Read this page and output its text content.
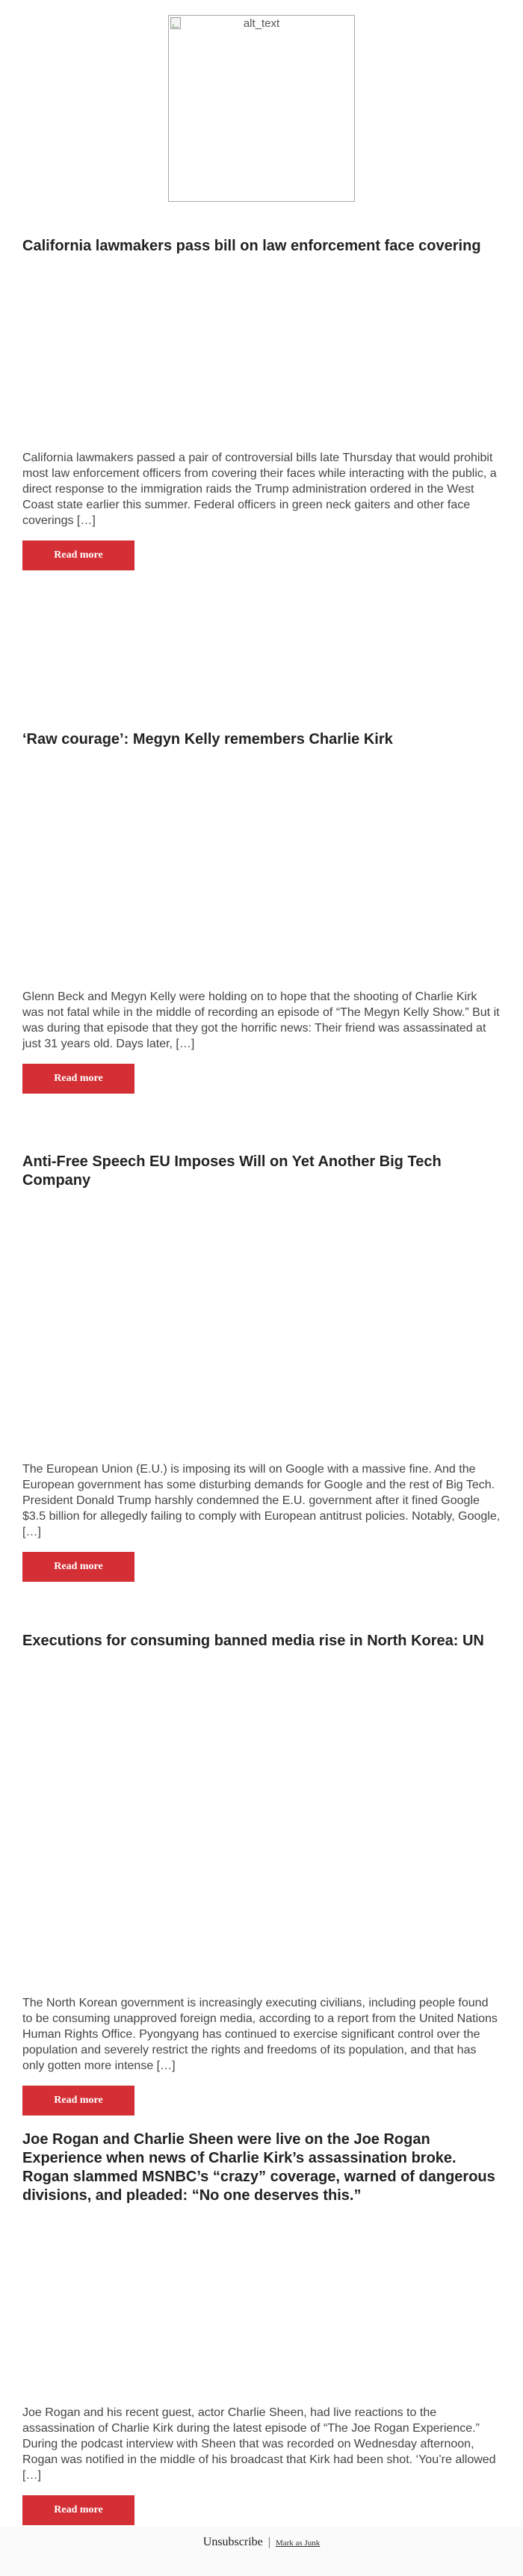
alt_text
California lawmakers pass bill on law enforcement face covering

California lawmakers passed a pair of controversial bills late Thursday that would prohibit most law enforcement officers from covering their faces while interacting with the public, a direct response to the immigration raids the Trump administration ordered in the West Coast state earlier this summer. Federal officers in green neck gaiters and other face coverings […]

Read more
‘Raw courage’: Megyn Kelly remembers Charlie Kirk

Glenn Beck and Megyn Kelly were holding on to hope that the shooting of Charlie Kirk was not fatal while in the middle of recording an episode of “The Megyn Kelly Show.” But it was during that episode that they got the horrific news: Their friend was assassinated at just 31 years old. Days later, […]

Read more
Anti-Free Speech EU Imposes Will on Yet Another Big Tech Company

The European Union (E.U.) is imposing its will on Google with a massive fine. And the European government has some disturbing demands for Google and the rest of Big Tech. President Donald Trump harshly condemned the E.U. government after it fined Google $3.5 billion for allegedly failing to comply with European antitrust policies. Notably, Google, […]

Read more
Executions for consuming banned media rise in North Korea: UN

The North Korean government is increasingly executing civilians, including people found to be consuming unapproved foreign media, according to a report from the United Nations Human Rights Office. Pyongyang has continued to exercise significant control over the population and severely restrict the rights and freedoms of its population, and that has only gotten more intense […]

Read more
Joe Rogan and Charlie Sheen were live on the Joe Rogan Experience when news of Charlie Kirk’s assassination broke. Rogan slammed MSNBC’s “crazy” coverage, warned of dangerous divisions, and pleaded: “No one deserves this.”

Joe Rogan and his recent guest, actor Charlie Sheen, had live reactions to the assassination of Charlie Kirk during the latest episode of “The Joe Rogan Experience.” During the podcast interview with Sheen that was recorded on Wednesday afternoon, Rogan was notified in the middle of his broadcast that Kirk had been shot. ‘You’re allowed […]

Read more
Unsubscribe | Mark as Junk
